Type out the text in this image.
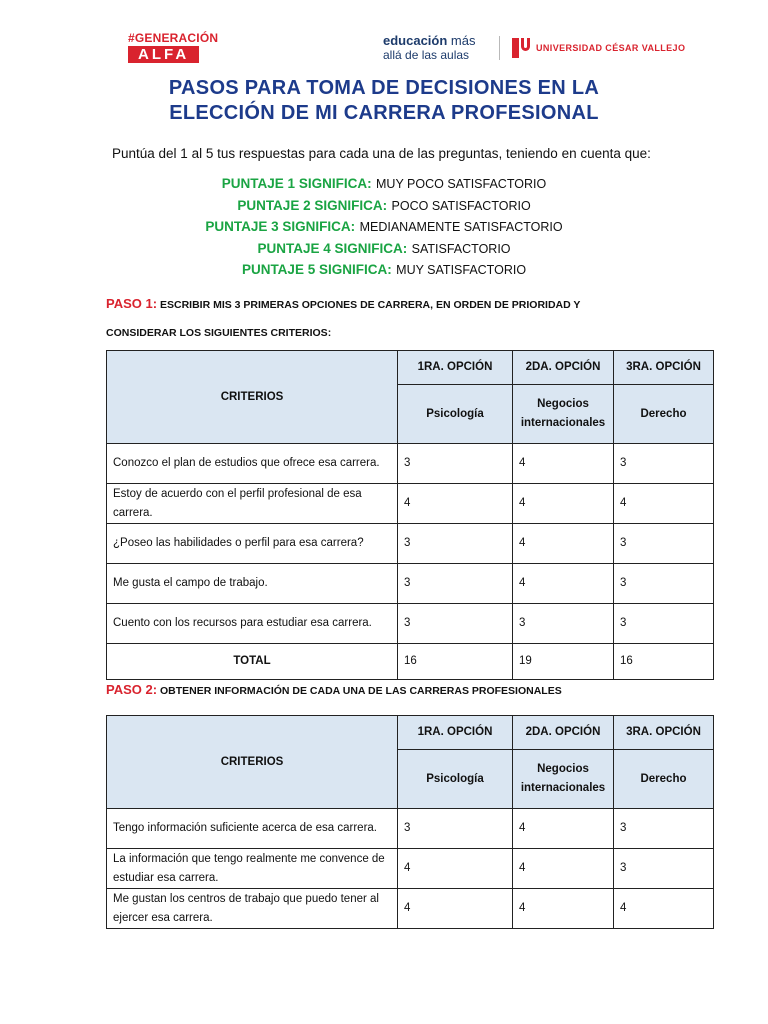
#GENERACIÓN
ALFA
educación más
allá de las aulas	UNIVERSIDAD CÉSAR VALLEJO
PASOS PARA TOMA DE DECISIONES EN LA
ELECCIÓN DE MI CARRERA PROFESIONAL
Puntúa del 1 al 5 tus respuestas para cada una de las preguntas, teniendo en cuenta que:
PUNTAJE 1 SIGNIFICA: MUY POCO SATISFACTORIO
PUNTAJE 2 SIGNIFICA: POCO SATISFACTORIO
PUNTAJE 3 SIGNIFICA: MEDIANAMENTE SATISFACTORIO
PUNTAJE 4 SIGNIFICA: SATISFACTORIO
PUNTAJE 5 SIGNIFICA: MUY SATISFACTORIO
PASO 1: ESCRIBIR MIS 3 PRIMERAS OPCIONES DE CARRERA, EN ORDEN DE PRIORIDAD Y
CONSIDERAR LOS SIGUIENTES CRITERIOS:
CRITERIOS	1RA. OPCIÓN	2DA. OPCIÓN	3RA. OPCIÓN
	Psicología	Negocios internacionales	Derecho
Conozco el plan de estudios que ofrece esa carrera.	3	4	3
Estoy de acuerdo con el perfil profesional de esa carrera.	4	4	4
¿Poseo las habilidades o perfil para esa carrera?	3	4	3
Me gusta el campo de trabajo.	3	4	3
Cuento con los recursos para estudiar esa carrera.	3	3	3
TOTAL	16	19	16
PASO 2: OBTENER INFORMACIÓN DE CADA UNA DE LAS CARRERAS PROFESIONALES
CRITERIOS	1RA. OPCIÓN	2DA. OPCIÓN	3RA. OPCIÓN
	Psicología	Negocios internacionales	Derecho
Tengo información suficiente acerca de esa carrera.	3	4	3
La información que tengo realmente me convence de estudiar esa carrera.	4	4	3
Me gustan los centros de trabajo que puedo tener al ejercer esa carrera.	4	4	4
